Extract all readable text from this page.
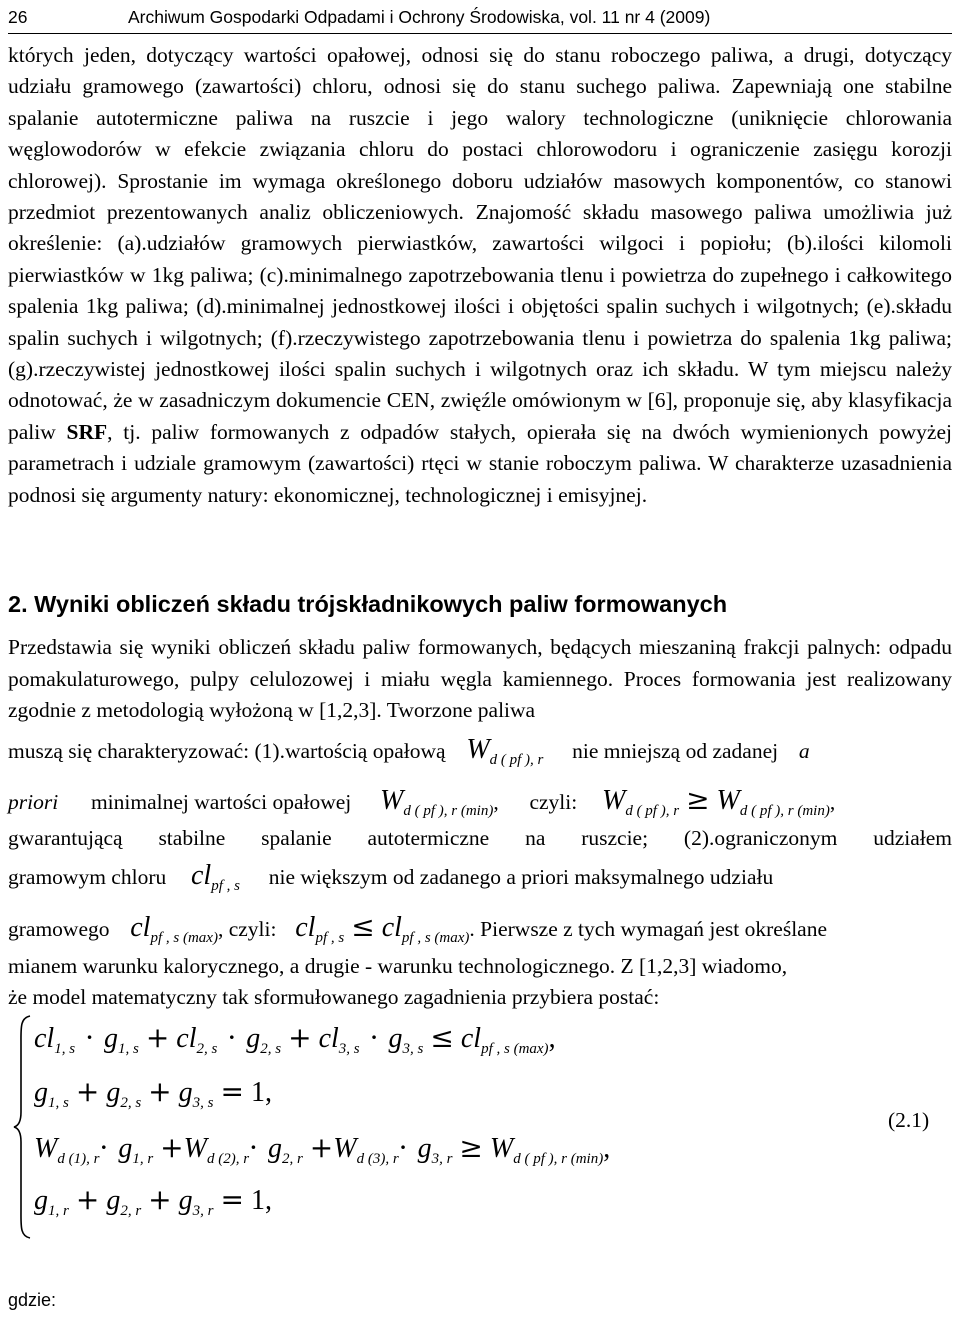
26	Archiwum Gospodarki Odpadami i Ochrony Środowiska, vol. 11 nr 4 (2009)

których jeden, dotyczący wartości opałowej, odnosi się do stanu roboczego paliwa, a drugi, dotyczący udziału gramowego (zawartości) chloru, odnosi się do stanu suchego paliwa. Zapewniają one stabilne spalanie autotermiczne paliwa na ruszcie i jego walory technologiczne (uniknięcie chlorowania węglowodorów w efekcie związania chloru do postaci chlorowodoru i ograniczenie zasięgu korozji chlorowej). Sprostanie im wymaga określonego doboru udziałów masowych komponentów, co stanowi przedmiot prezentowanych analiz obliczeniowych. Znajomość składu masowego paliwa umożliwia już określenie: (a).udziałów gramowych pierwiastków, zawartości wilgoci i popiołu; (b).ilości kilomoli pierwiastków w 1kg paliwa; (c).minimalnego zapotrzebowania tlenu i powietrza do zupełnego i całkowitego spalenia 1kg paliwa; (d).minimalnej jednostkowej ilości i objętości spalin suchych i wilgotnych; (e).składu spalin suchych i wilgotnych; (f).rzeczywistego zapotrzebowania tlenu i powietrza do spalenia 1kg paliwa; (g).rzeczywistej jednostkowej ilości spalin suchych i wilgotnych oraz ich składu. W tym miejscu należy odnotować, że w zasadniczym dokumencie CEN, zwięźle omówionym w [6], proponuje się, aby klasyfikacja paliw SRF, tj. paliw formowanych z odpadów stałych, opierała się na dwóch wymienionych powyżej parametrach i udziale gramowym (zawartości) rtęci w stanie roboczym paliwa. W charakterze uzasadnienia podnosi się argumenty natury: ekonomicznej, technologicznej i emisyjnej.

2. Wyniki obliczeń składu trójskładnikowych paliw formowanych

Przedstawia się wyniki obliczeń składu paliw formowanych, będących mieszaniną frakcji palnych: odpadu pomakulaturowego, pulpy celulozowej i miału węgla kamiennego. Proces formowania jest realizowany zgodnie z metodologią wyłożoną w [1,2,3]. Tworzone paliwa

muszą się charakteryzować: (1).wartością opałową $W_{d ( pf ), r}$ nie mniejszą od zadanej a

priori minimalnej wartości opałowej $W_{d ( pf ), r (min)}$, czyli: $W_{d ( pf ), r} \ge W_{d ( pf ), r (min)}$,

gwarantującą stabilne spalanie autotermiczne na ruszcie; (2).ograniczonym udziałem

gramowym chloru $cl_{pf , s}$ nie większym od zadanego a priori maksymalnego udziału

gramowego $cl_{pf , s (max)}$, czyli: $cl_{pf , s} \le cl_{pf , s (max)}$. Pierwsze z tych wymagań jest określane

mianem warunku kalorycznego, a drugie - warunku technologicznego. Z [1,2,3] wiadomo,

że model matematyczny tak sformułowanego zagadnienia przybiera postać:

$cl_{1, s} \cdot g_{1, s} + cl_{2, s} \cdot g_{2, s} + cl_{3, s} \cdot g_{3, s} \le cl_{pf , s (max)}$,
$g_{1, s} + g_{2, s} + g_{3, s} = 1$,
$W_{d (1), r}\cdot g_{1, r} +W_{d (2), r}\cdot g_{2, r} +W_{d (3), r}\cdot g_{3, r} \ge W_{d ( pf ), r (min)}$,
$g_{1, r} + g_{2, r} + g_{3, r} = 1$,
(2.1)
gdzie:
